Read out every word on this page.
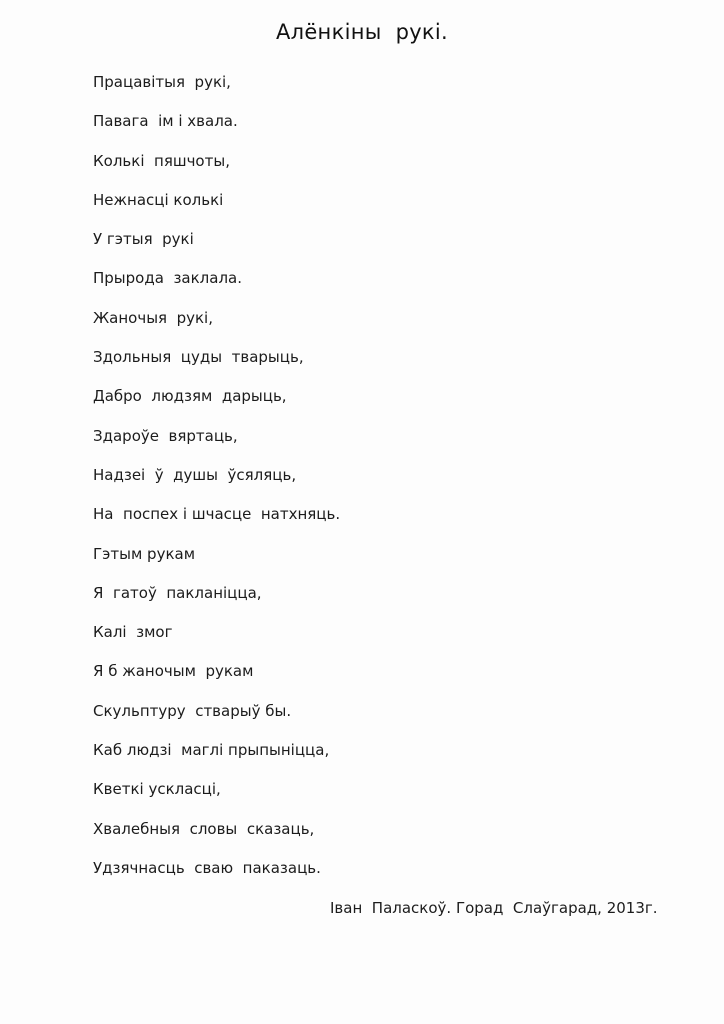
Алёнкіны  рукі.
Працавітыя  рукі,
Павага  ім і хвала.
Колькі  пяшчоты,
Нежнасці колькі
У гэтыя  рукі
Прырода  заклала.
Жаночыя  рукі,
Здольныя  цуды  тварыць,
Дабро  людзям  дарыць,
Здароўе  вяртаць,
Надзеі  ў  душы  ўсяляць,
На  поспех і шчасце  натхняць.
Гэтым рукам
Я  гатоў  пакланіцца,
Калі  змог
Я б жаночым  рукам
Скульптуру  стварыў бы.
Каб людзі  маглі прыпыніцца,
Кветкі ускласці,
Хвалебныя  словы  сказаць,
Удзячнасць  сваю  паказаць.
Іван  Паласкоў. Горад  Слаўгарад, 2013г.
